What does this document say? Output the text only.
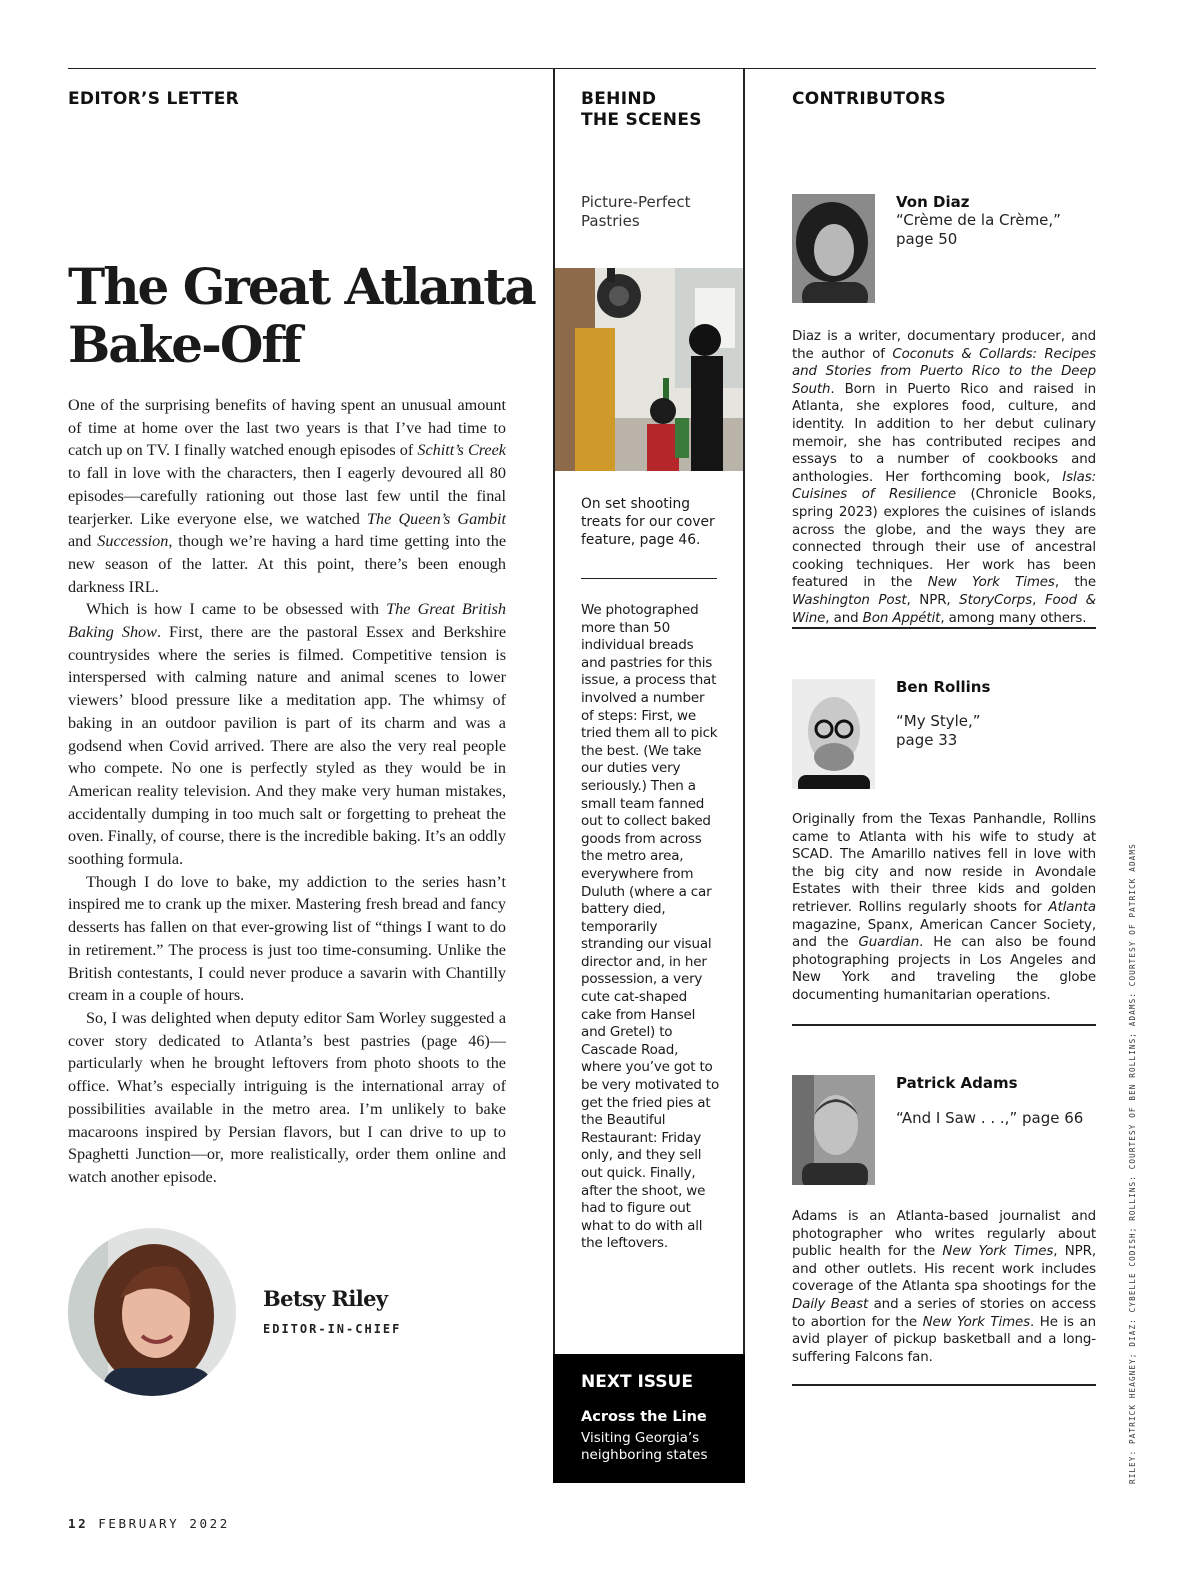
EDITOR’S LETTER
The Great Atlanta
Bake-Off

One of the surprising benefits of having spent an unusual amount of time at home over the last two years is that I’ve had time to catch up on TV. I finally watched enough episodes of Schitt’s Creek to fall in love with the characters, then I eagerly devoured all 80 episodes—carefully rationing out those last few until the final tearjerker. Like everyone else, we watched The Queen’s Gambit and Succession, though we’re having a hard time getting into the new season of the latter. At this point, there’s been enough darkness IRL.

Which is how I came to be obsessed with The Great British Baking Show. First, there are the pastoral Essex and Berkshire countrysides where the series is filmed. Competitive tension is interspersed with calming nature and animal scenes to lower viewers’ blood pressure like a meditation app. The whimsy of baking in an outdoor pavilion is part of its charm and was a godsend when Covid arrived. There are also the very real people who compete. No one is perfectly styled as they would be in American reality television. And they make very human mistakes, accidentally dumping in too much salt or forgetting to preheat the oven. Finally, of course, there is the incredible baking. It’s an oddly soothing formula.

Though I do love to bake, my addiction to the series hasn’t inspired me to crank up the mixer. Mastering fresh bread and fancy desserts has fallen on that ever-growing list of “things I want to do in retirement.” The process is just too time-consuming. Unlike the British contestants, I could never produce a savarin with Chantilly cream in a couple of hours.

So, I was delighted when deputy editor Sam Worley suggested a cover story dedicated to Atlanta’s best pastries (page 46)—particularly when he brought leftovers from photo shoots to the office. What’s especially intriguing is the international array of possibilities available in the metro area. I’m unlikely to bake macaroons inspired by Persian flavors, but I can drive to up to Spaghetti Junction—or, more realistically, order them online and watch another episode.

Betsy Riley
EDITOR-IN-CHIEF
12 FEBRUARY 2022
BEHIND
THE SCENES
Picture-Perfect
Pastries
On set shooting treats for our cover feature, page 46.
We photographed more than 50 individual breads and pastries for this issue, a process that involved a number of steps: First, we tried them all to pick the best. (We take our duties very seriously.) Then a small team fanned out to collect baked goods from across the metro area, everywhere from Duluth (where a car battery died, temporarily stranding our visual director and, in her possession, a very cute cat-shaped cake from Hansel and Gretel) to Cascade Road, where you’ve got to be very motivated to get the fried pies at the Beautiful Restaurant: Friday only, and they sell out quick. Finally, after the shoot, we had to figure out what to do with all the leftovers.
NEXT ISSUE
Across the Line
Visiting Georgia’s neighboring states
CONTRIBUTORS
Von Diaz
“Crème de la Crème,” page 50
Diaz is a writer, documentary producer, and the author of Coconuts & Collards: Recipes and Stories from Puerto Rico to the Deep South. Born in Puerto Rico and raised in Atlanta, she explores food, culture, and identity. In addition to her debut culinary memoir, she has contributed recipes and essays to a number of cookbooks and anthologies. Her forthcoming book, Islas: Cuisines of Resilience (Chronicle Books, spring 2023) explores the cuisines of islands across the globe, and the ways they are connected through their use of ancestral cooking techniques. Her work has been featured in the New York Times, the Washington Post, NPR, StoryCorps, Food & Wine, and Bon Appétit, among many others.
Ben Rollins
“My Style,”
page 33
Originally from the Texas Panhandle, Rollins came to Atlanta with his wife to study at SCAD. The Amarillo natives fell in love with the big city and now reside in Avondale Estates with their three kids and golden retriever. Rollins regularly shoots for Atlanta magazine, Spanx, American Cancer Society, and the Guardian. He can also be found photographing projects in Los Angeles and New York and traveling the globe documenting humanitarian operations.
Patrick Adams
“And I Saw . . .,” page 66
Adams is an Atlanta-based journalist and photographer who writes regularly about public health for the New York Times, NPR, and other outlets. His recent work includes coverage of the Atlanta spa shootings for the Daily Beast and a series of stories on access to abortion for the New York Times. He is an avid player of pickup basketball and a long-suffering Falcons fan.	RILEY: PATRICK HEAGNEY; DIAZ: CYBELLE CODISH; ROLLINS: COURTESY OF BEN ROLLINS; ADAMS: COURTESY OF PATRICK ADAMS
